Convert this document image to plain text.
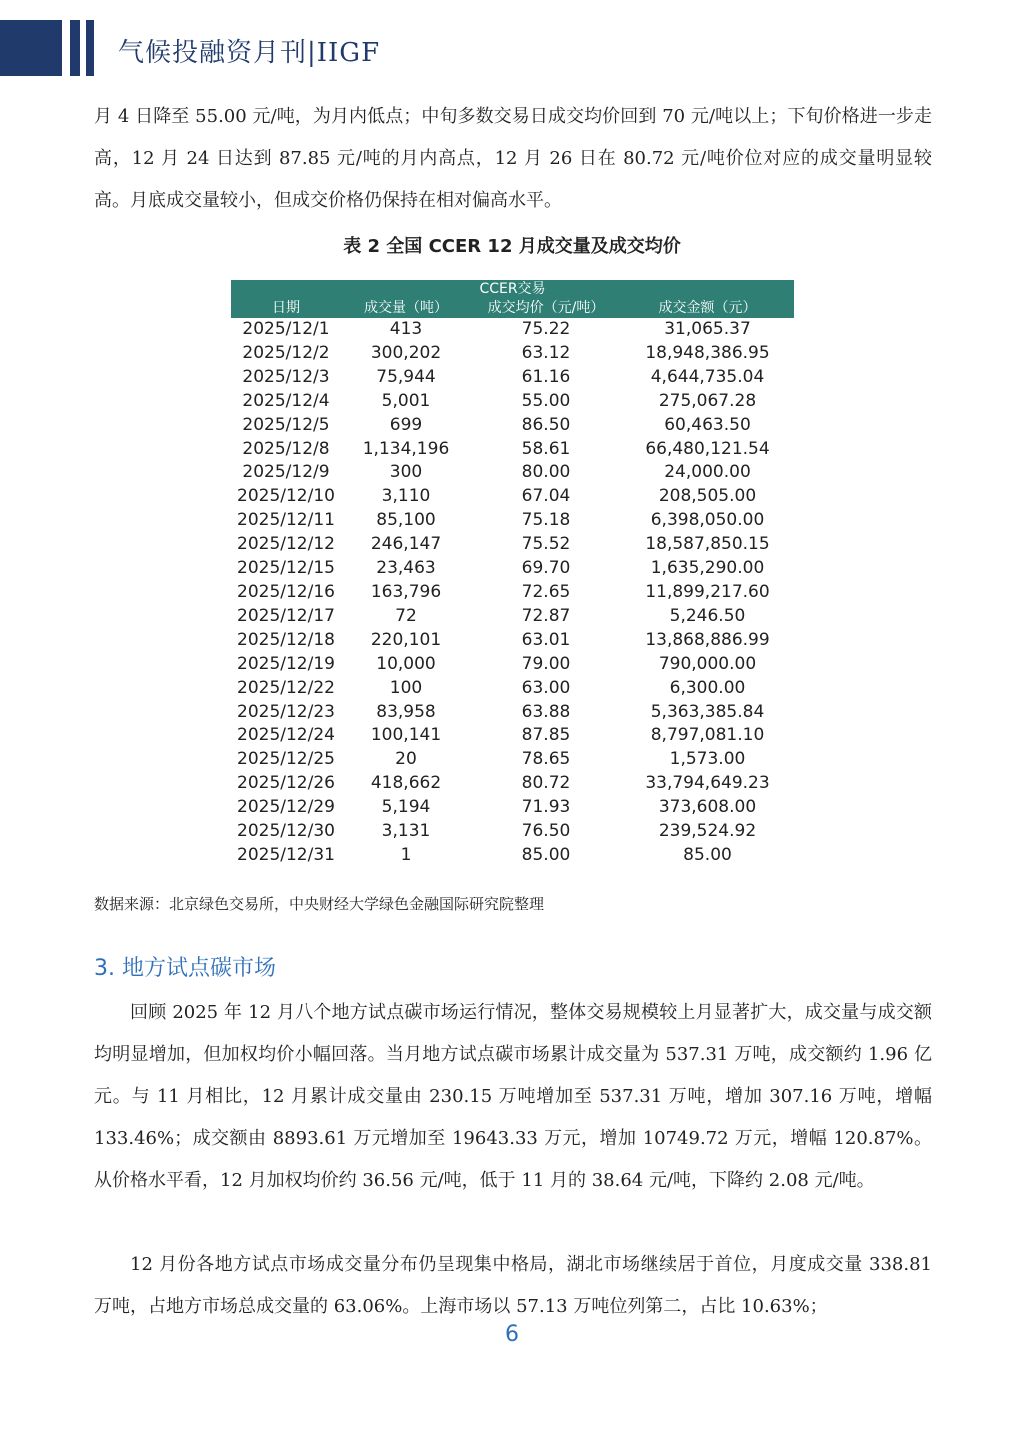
气候投融资月刊|IIGF

月 4 日降至 55.00 元/吨，为月内低点；中旬多数交易日成交均价回到 70 元/吨以上；下旬价格进一步走高，12 月 24 日达到 87.85 元/吨的月内高点，12 月 26 日在 80.72 元/吨价位对应的成交量明显较高。月底成交量较小，但成交价格仍保持在相对偏高水平。

表 2 全国 CCER 12 月成交量及成交均价
CCER交易			
日期	成交量（吨）	成交均价（元/吨）	成交金额（元）
2025/12/1	413	75.22	31,065.37
2025/12/2	300,202	63.12	18,948,386.95
2025/12/3	75,944	61.16	4,644,735.04
2025/12/4	5,001	55.00	275,067.28
2025/12/5	699	86.50	60,463.50
2025/12/8	1,134,196	58.61	66,480,121.54
2025/12/9	300	80.00	24,000.00
2025/12/10	3,110	67.04	208,505.00
2025/12/11	85,100	75.18	6,398,050.00
2025/12/12	246,147	75.52	18,587,850.15
2025/12/15	23,463	69.70	1,635,290.00
2025/12/16	163,796	72.65	11,899,217.60
2025/12/17	72	72.87	5,246.50
2025/12/18	220,101	63.01	13,868,886.99
2025/12/19	10,000	79.00	790,000.00
2025/12/22	100	63.00	6,300.00
2025/12/23	83,958	63.88	5,363,385.84
2025/12/24	100,141	87.85	8,797,081.10
2025/12/25	20	78.65	1,573.00
2025/12/26	418,662	80.72	33,794,649.23
2025/12/29	5,194	71.93	373,608.00
2025/12/30	3,131	76.50	239,524.92
2025/12/31	1	85.00	85.00
数据来源：北京绿色交易所，中央财经大学绿色金融国际研究院整理
3. 地方试点碳市场

回顾 2025 年 12 月八个地方试点碳市场运行情况，整体交易规模较上月显著扩大，成交量与成交额均明显增加，但加权均价小幅回落。当月地方试点碳市场累计成交量为 537.31 万吨，成交额约 1.96 亿元。与 11 月相比，12 月累计成交量由 230.15 万吨增加至 537.31 万吨，增加 307.16 万吨，增幅 133.46%；成交额由 8893.61 万元增加至 19643.33 万元，增加 10749.72 万元，增幅 120.87%。从价格水平看，12 月加权均价约 36.56 元/吨，低于 11 月的 38.64 元/吨，下降约 2.08 元/吨。

12 月份各地方试点市场成交量分布仍呈现集中格局，湖北市场继续居于首位，月度成交量 338.81 万吨，占地方市场总成交量的 63.06%。上海市场以 57.13 万吨位列第二，占比 10.63%；

6
